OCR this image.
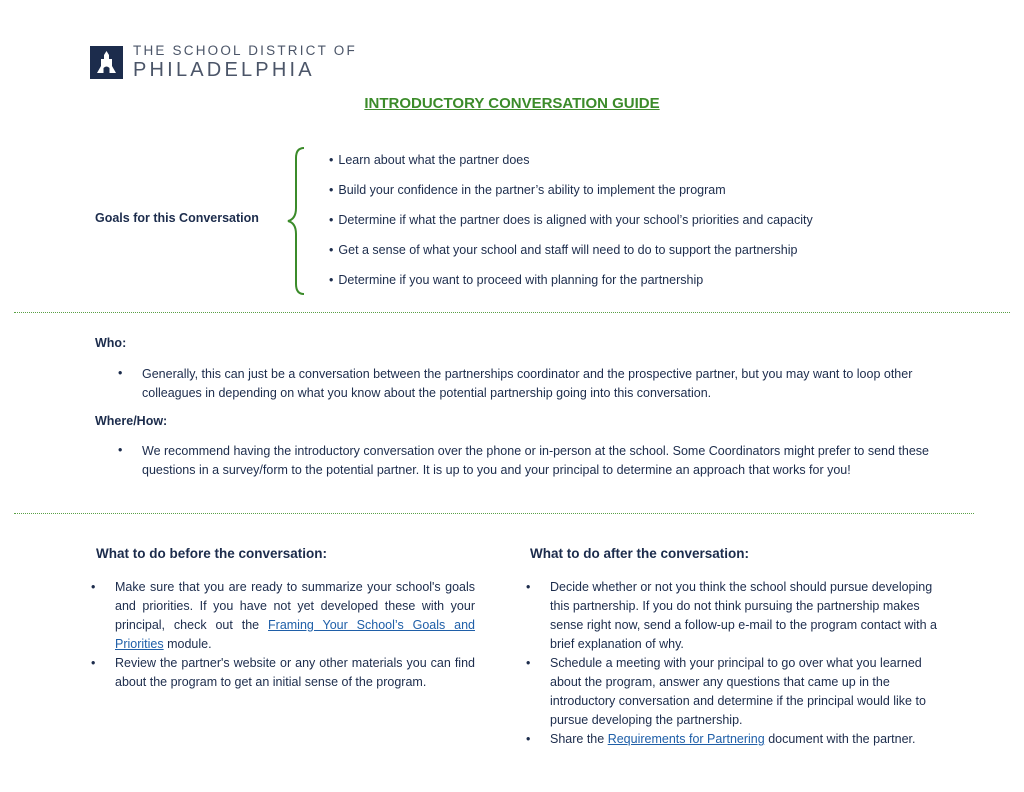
THE SCHOOL DISTRICT OF
PHILADELPHIA
INTRODUCTORY CONVERSATION GUIDE
Goals for this Conversation
• Learn about what the partner does
• Build your confidence in the partner’s ability to implement the program
• Determine if what the partner does is aligned with your school’s priorities and capacity
• Get a sense of what your school and staff will need to do to support the partnership
• Determine if you want to proceed with planning for the partnership
Who:
• Generally, this can just be a conversation between the partnerships coordinator and the prospective partner, but you may want to loop other colleagues in depending on what you know about the potential partnership going into this conversation.
Where/How:
• We recommend having the introductory conversation over the phone or in-person at the school. Some Coordinators might prefer to send these questions in a survey/form to the potential partner. It is up to you and your principal to determine an approach that works for you!
What to do before the conversation:
• Make sure that you are ready to summarize your school's goals and priorities. If you have not yet developed these with your principal, check out the Framing Your School’s Goals and Priorities module.
• Review the partner's website or any other materials you can find about the program to get an initial sense of the program.
What to do after the conversation:
• Decide whether or not you think the school should pursue developing this partnership. If you do not think pursuing the partnership makes sense right now, send a follow-up e-mail to the program contact with a brief explanation of why.
• Schedule a meeting with your principal to go over what you learned about the program, answer any questions that came up in the introductory conversation and determine if the principal would like to pursue developing the partnership.
• Share the Requirements for Partnering document with the partner.
